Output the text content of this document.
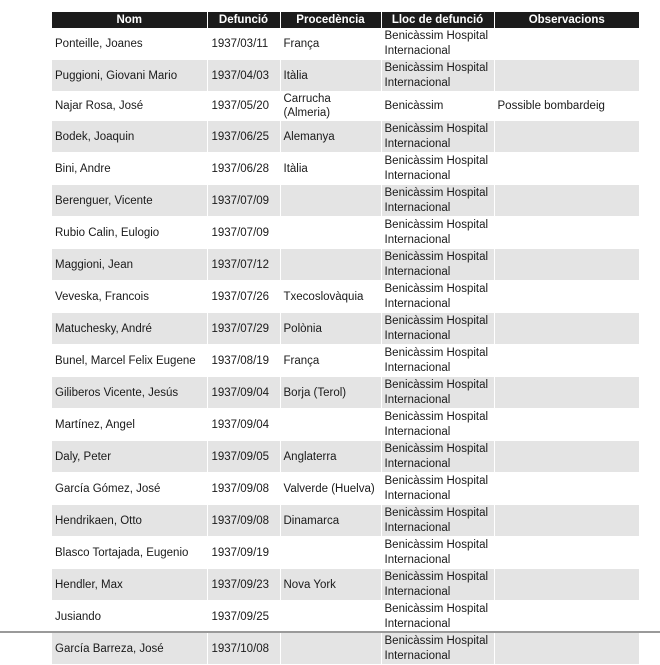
Nom	Defunció	Procedència	Lloc de defunció	Observacions
Ponteille, Joanes	1937/03/11	França	Benicàssim Hospital
Internacional	

Puggioni, Giovani Mario	1937/04/03	Itàlia	Benicàssim Hospital
Internacional	

Najar Rosa, José	1937/05/20	Carrucha (Almeria)	Benicàssim	Possible bombardeig
Bodek, Joaquin	1937/06/25	Alemanya	Benicàssim Hospital
Internacional	

Bini, Andre	1937/06/28	Itàlia	Benicàssim Hospital
Internacional	

Berenguer, Vicente	1937/07/09		Benicàssim Hospital
Internacional	

Rubio Calin, Eulogio	1937/07/09		Benicàssim Hospital
Internacional	

Maggioni, Jean	1937/07/12		Benicàssim Hospital
Internacional	

Veveska, Francois	1937/07/26	Txecoslovàquia	Benicàssim Hospital
Internacional	

Matuchesky, André	1937/07/29	Polònia	Benicàssim Hospital
Internacional	

Bunel, Marcel Felix Eugene	1937/08/19	França	Benicàssim Hospital
Internacional	

Giliberos Vicente, Jesús	1937/09/04	Borja (Terol)	Benicàssim Hospital
Internacional	

Martínez, Angel	1937/09/04		Benicàssim Hospital
Internacional	

Daly, Peter	1937/09/05	Anglaterra	Benicàssim Hospital
Internacional	

García Gómez, José	1937/09/08	Valverde (Huelva)	Benicàssim Hospital
Internacional	

Hendrikaen, Otto	1937/09/08	Dinamarca	Benicàssim Hospital
Internacional	

Blasco Tortajada, Eugenio	1937/09/19		Benicàssim Hospital
Internacional	

Hendler, Max	1937/09/23	Nova York	Benicàssim Hospital
Internacional	

Jusiando	1937/09/25		Benicàssim Hospital
Internacional	

García Barreza, José	1937/10/08		Benicàssim Hospital
Internacional	
